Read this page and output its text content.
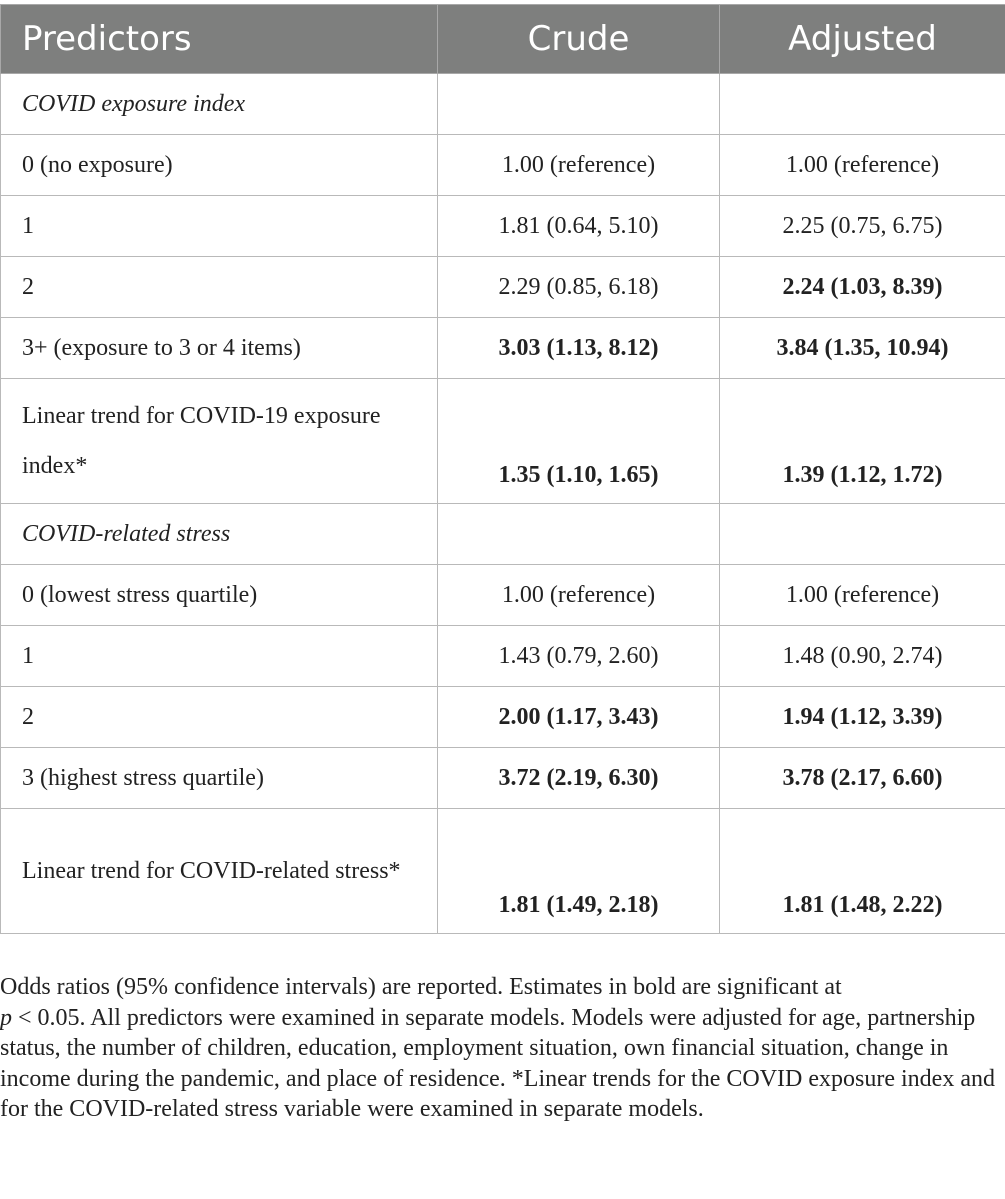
Predictors	Crude	Adjusted
COVID exposure index		
0 (no exposure)	1.00 (reference)	1.00 (reference)
1	1.81 (0.64, 5.10)	2.25 (0.75, 6.75)
2	2.29 (0.85, 6.18)	2.24 (1.03, 8.39)
3+ (exposure to 3 or 4 items)	3.03 (1.13, 8.12)	3.84 (1.35, 10.94)
Linear trend for COVID-19 exposure index*	1.35 (1.10, 1.65)	1.39 (1.12, 1.72)
COVID-related stress		
0 (lowest stress quartile)	1.00 (reference)	1.00 (reference)
1	1.43 (0.79, 2.60)	1.48 (0.90, 2.74)
2	2.00 (1.17, 3.43)	1.94 (1.12, 3.39)
3 (highest stress quartile)	3.72 (2.19, 6.30)	3.78 (2.17, 6.60)
Linear trend for COVID-related stress*	1.81 (1.49, 2.18)	1.81 (1.48, 2.22)

Odds ratios (95% confidence intervals) are reported. Estimates in bold are significant at
p < 0.05. All predictors were examined in separate models. Models were adjusted for age, partnership status, the number of children, education, employment situation, own financial situation, change in income during the pandemic, and place of residence. *Linear trends for the COVID exposure index and for the COVID-related stress variable were examined in separate models.
